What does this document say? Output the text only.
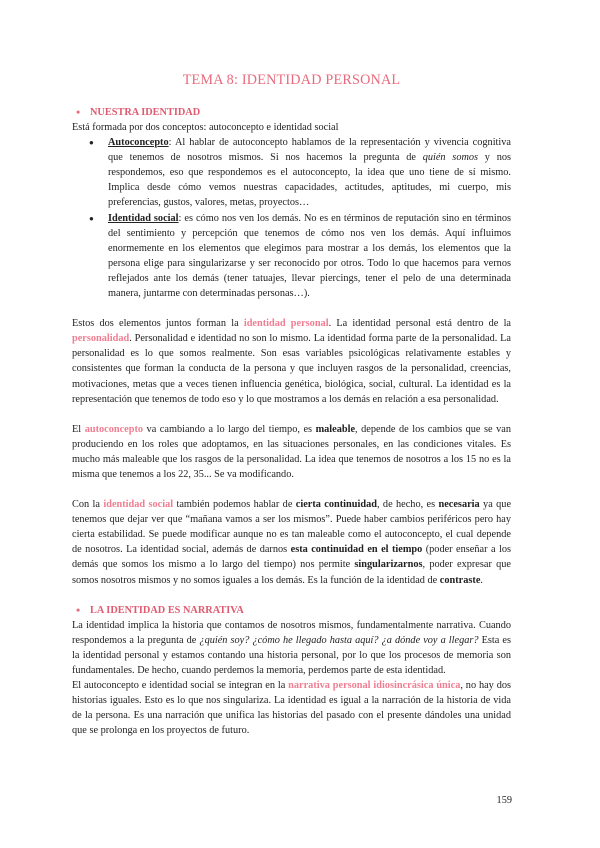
TEMA 8: IDENTIDAD PERSONAL
• NUESTRA IDENTIDAD

Está formada por dos conceptos: autoconcepto e identidad social

● Autoconcepto: Al hablar de autoconcepto hablamos de la representación y vivencia cognitiva que tenemos de nosotros mismos. Si nos hacemos la pregunta de quién somos y nos respondemos, eso que respondemos es el autoconcepto, la idea que uno tiene de sí mismo. Implica desde cómo vemos nuestras capacidades, actitudes, aptitudes, mi cuerpo, mis preferencias, gustos, valores, metas, proyectos…
● Identidad social: es cómo nos ven los demás. No es en términos de reputación sino en términos del sentimiento y percepción que tenemos de cómo nos ven los demás. Aquí influimos enormemente en los elementos que elegimos para mostrar a los demás, los elementos que la persona elige para singularizarse y ser reconocido por otros. Todo lo que hacemos para vernos reflejados ante los demás (tener tatuajes, llevar piercings, tener el pelo de una determinada manera, juntarme con determinadas personas…).

Estos dos elementos juntos forman la identidad personal. La identidad personal está dentro de la personalidad. Personalidad e identidad no son lo mismo. La identidad forma parte de la personalidad. La personalidad es lo que somos realmente. Son esas variables psicológicas relativamente estables y consistentes que forman la conducta de la persona y que incluyen rasgos de la personalidad, creencias, motivaciones, metas que a veces tienen influencia genética, biológica, social, cultural. La identidad es la representación que tenemos de todo eso y lo que mostramos a los demás en relación a esa personalidad.

El autoconcepto va cambiando a lo largo del tiempo, es maleable, depende de los cambios que se van produciendo en los roles que adoptamos, en las situaciones personales, en las condiciones vitales. Es mucho más maleable que los rasgos de la personalidad. La idea que tenemos de nosotros a los 15 no es la misma que tenemos a los 22, 35... Se va modificando.

Con la identidad social también podemos hablar de cierta continuidad, de hecho, es necesaria ya que tenemos que dejar ver que “mañana vamos a ser los mismos”. Puede haber cambios periféricos pero hay cierta estabilidad. Se puede modificar aunque no es tan maleable como el autoconcepto, el cual depende de nosotros. La identidad social, además de darnos esta continuidad en el tiempo (poder enseñar a los demás que somos los mismo a lo largo del tiempo) nos permite singularizarnos, poder expresar que somos nosotros mismos y no somos iguales a los demás. Es la función de la identidad de contraste.

• LA IDENTIDAD ES NARRATIVA

La identidad implica la historia que contamos de nosotros mismos, fundamentalmente narrativa. Cuando respondemos a la pregunta de ¿quién soy? ¿cómo he llegado hasta aquí? ¿a dónde voy a llegar? Esta es la identidad personal y estamos contando una historia personal, por lo que los procesos de memoria son fundamentales. De hecho, cuando perdemos la memoria, perdemos parte de esta identidad.

El autoconcepto e identidad social se integran en la narrativa personal idiosincrásica única, no hay dos historias iguales. Esto es lo que nos singulariza. La identidad es igual a la narración de la historia de vida de la persona. Es una narración que unifica las historias del pasado con el presente dándoles una unidad que se prolonga en los proyectos de futuro.

159
